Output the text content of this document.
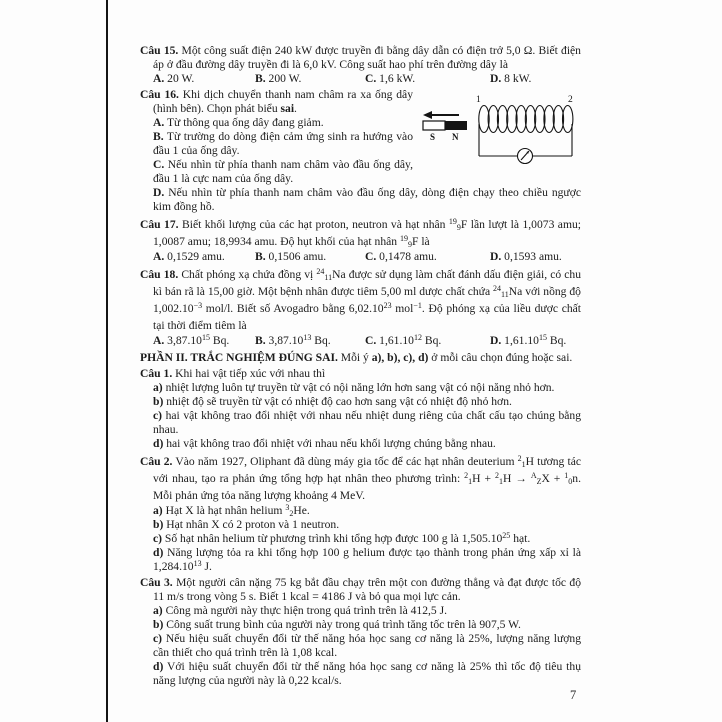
Câu 15. Một công suất điện 240 kW được truyền đi bằng dây dẫn có điện trở 5,0 Ω. Biết điện áp ở đầu đường dây truyền đi là 6,0 kV. Công suất hao phí trên đường dây là

A. 20 W.	B. 200 W.	C. 1,6 kW.	D. 8 kW.
S N
1	2

Câu 16. Khi dịch chuyển thanh nam châm ra xa ống dây (hình bên). Chọn phát biểu sai.

A. Từ thông qua ống dây đang giảm.

B. Từ trường do dòng điện cảm ứng sinh ra hướng vào đầu 1 của ống dây.

C. Nếu nhìn từ phía thanh nam châm vào đầu ống dây, đầu 1 là cực nam của ống dây.

D. Nếu nhìn từ phía thanh nam châm vào đầu ống dây, dòng điện chạy theo chiều ngược kim đồng hồ.

Câu 17. Biết khối lượng của các hạt proton, neutron và hạt nhân $^{19}_9$F lần lượt là 1,0073 amu; 1,0087 amu; 18,9934 amu. Độ hụt khối của hạt nhân $^{19}_9$F là

A. 0,1529 amu.	B. 0,1506 amu.	C. 0,1478 amu.	D. 0,1593 amu.

Câu 18. Chất phóng xạ chứa đồng vị $^{24}_{11}$Na được sử dụng làm chất đánh dấu điện giải, có chu kì bán rã là 15,00 giờ. Một bệnh nhân được tiêm 5,00 ml dược chất chứa $^{24}_{11}$Na với nồng độ $1,002.10^{-3}$ mol/l. Biết số Avogadro bằng 6,02.10$^{23}$ mol$^{-1}$. Độ phóng xạ của liều dược chất tại thời điểm tiêm là

A. 3,87.10$^{15}$ Bq.	B. 3,87.10$^{13}$ Bq.	C. 1,61.10$^{12}$ Bq.	D. 1,61.10$^{15}$ Bq.

PHẦN II. TRẮC NGHIỆM ĐÚNG SAI. Mỗi ý a), b), c), d) ở mỗi câu chọn đúng hoặc sai.

Câu 1. Khi hai vật tiếp xúc với nhau thì

a) nhiệt lượng luôn tự truyền từ vật có nội năng lớn hơn sang vật có nội năng nhỏ hơn.

b) nhiệt độ sẽ truyền từ vật có nhiệt độ cao hơn sang vật có nhiệt độ nhỏ hơn.

c) hai vật không trao đổi nhiệt với nhau nếu nhiệt dung riêng của chất cấu tạo chúng bằng nhau.

d) hai vật không trao đổi nhiệt với nhau nếu khối lượng chúng bằng nhau.

Câu 2. Vào năm 1927, Oliphant đã dùng máy gia tốc để các hạt nhân deuterium $^2_1$H tương tác với nhau, tạo ra phản ứng tổng hợp hạt nhân theo phương trình: $^2_1$H + $^2_1$H → $^A_Z$X + $^1_0$n. Mỗi phản ứng tỏa năng lượng khoảng 4 MeV.

a) Hạt X là hạt nhân helium $^3_2$He.

b) Hạt nhân X có 2 proton và 1 neutron.

c) Số hạt nhân helium từ phương trình khi tổng hợp được 100 g là 1,505.10$^{25}$ hạt.

d) Năng lượng tỏa ra khi tổng hợp 100 g helium được tạo thành trong phản ứng xấp xỉ là 1,284.10$^{13}$ J.

Câu 3. Một người cân nặng 75 kg bắt đầu chạy trên một con đường thẳng và đạt được tốc độ 11 m/s trong vòng 5 s. Biết 1 kcal = 4186 J và bỏ qua mọi lực cản.

a) Công mà người này thực hiện trong quá trình trên là 412,5 J.

b) Công suất trung bình của người này trong quá trình tăng tốc trên là 907,5 W.

c) Nếu hiệu suất chuyển đổi từ thế năng hóa học sang cơ năng là 25%, lượng năng lượng cần thiết cho quá trình trên là 1,08 kcal.

d) Với hiệu suất chuyển đổi từ thế năng hóa học sang cơ năng là 25% thì tốc độ tiêu thụ năng lượng của người này là 0,22 kcal/s.

7
